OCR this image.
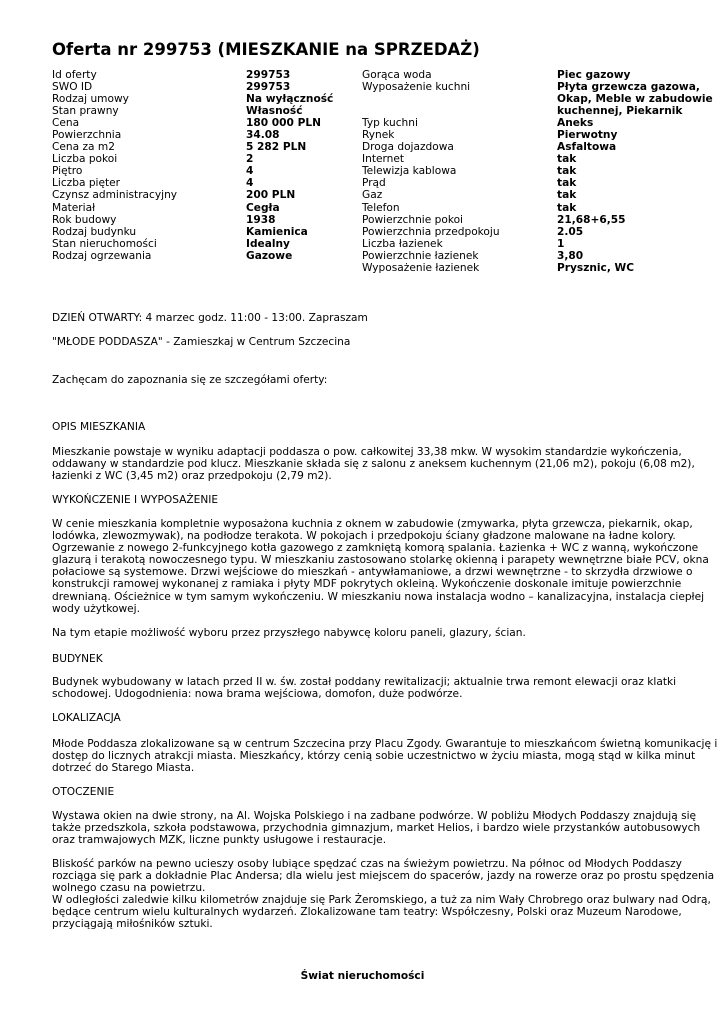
Oferta nr 299753 (MIESZKANIE na SPRZEDAŻ)
Id oferty
SWO ID
Rodzaj umowy
Stan prawny
Cena
Powierzchnia
Cena za m2
Liczba pokoi
Piętro
Liczba pięter
Czynsz administracyjny
Materiał
Rok budowy
Rodzaj budynku
Stan nieruchomości
Rodzaj ogrzewania
299753
299753
Na wyłączność
Własność
180 000 PLN
34.08
5 282 PLN
2
4
4
200 PLN
Cegła
1938
Kamienica
Idealny
Gazowe
Gorąca woda
Wyposażenie kuchni
Typ kuchni
Rynek
Droga dojazdowa
Internet
Telewizja kablowa
Prąd
Gaz
Telefon
Powierzchnie pokoi
Powierzchnia przedpokoju
Liczba łazienek
Powierzchnie łazienek
Wyposażenie łazienek
Piec gazowy
Płyta grzewcza gazowa,
Okap, Meble w zabudowie
kuchennej, Piekarnik
Aneks
Pierwotny
Asfaltowa
tak
tak
tak
tak
tak
21,68+6,55
2.05
1
3,80
Prysznic, WC

DZIEŃ OTWARTY: 4 marzec godz. 11:00 - 13:00. Zapraszam

"MŁODE PODDASZA" - Zamieszkaj w Centrum Szczecina

Zachęcam do zapoznania się ze szczegółami oferty:

OPIS MIESZKANIA

Mieszkanie powstaje w wyniku adaptacji poddasza o pow. całkowitej 33,38 mkw. W wysokim standardzie wykończenia,
oddawany w standardzie pod klucz. Mieszkanie składa się z salonu z aneksem kuchennym (21,06 m2), pokoju (6,08 m2),
łazienki z WC (3,45 m2) oraz przedpokoju (2,79 m2).

WYKOŃCZENIE I WYPOSAŻENIE

W cenie mieszkania kompletnie wyposażona kuchnia z oknem w zabudowie (zmywarka, płyta grzewcza, piekarnik, okap,
lodówka, zlewozmywak), na podłodze terakota. W pokojach i przedpokoju ściany gładzone malowane na ładne kolory.
Ogrzewanie z nowego 2-funkcyjnego kotła gazowego z zamkniętą komorą spalania. Łazienka + WC z wanną, wykończone
glazurą i terakotą nowoczesnego typu. W mieszkaniu zastosowano stolarkę okienną i parapety wewnętrzne białe PCV, okna
połaciowe są systemowe. Drzwi wejściowe do mieszkań - antywłamaniowe, a drzwi wewnętrzne - to skrzydła drzwiowe o
konstrukcji ramowej wykonanej z ramiaka i płyty MDF pokrytych okleiną. Wykończenie doskonale imituje powierzchnie
drewnianą. Ościeżnice w tym samym wykończeniu. W mieszkaniu nowa instalacja wodno – kanalizacyjna, instalacja ciepłej
wody użytkowej.

Na tym etapie możliwość wyboru przez przyszłego nabywcę koloru paneli, glazury, ścian.

BUDYNEK

Budynek wybudowany w latach przed II w. św. został poddany rewitalizacji; aktualnie trwa remont elewacji oraz klatki
schodowej. Udogodnienia: nowa brama wejściowa, domofon, duże podwórze.

LOKALIZACJA

Młode Poddasza zlokalizowane są w centrum Szczecina przy Placu Zgody. Gwarantuje to mieszkańcom świetną komunikację i
dostęp do licznych atrakcji miasta. Mieszkańcy, którzy cenią sobie uczestnictwo w życiu miasta, mogą stąd w kilka minut
dotrzeć do Starego Miasta.

OTOCZENIE

Wystawa okien na dwie strony, na Al. Wojska Polskiego i na zadbane podwórze. W pobliżu Młodych Poddaszy znajdują się
także przedszkola, szkoła podstawowa, przychodnia gimnazjum, market Helios, i bardzo wiele przystanków autobusowych
oraz tramwajowych MZK, liczne punkty usługowe i restauracje.
Bliskość parków na pewno ucieszy osoby lubiące spędzać czas na świeżym powietrzu. Na północ od Młodych Poddaszy
rozciąga się park a dokładnie Plac Andersa; dla wielu jest miejscem do spacerów, jazdy na rowerze oraz po prostu spędzenia
wolnego czasu na powietrzu.
W odległości zaledwie kilku kilometrów znajduje się Park Żeromskiego, a tuż za nim Wały Chrobrego oraz bulwary nad Odrą,
będące centrum wielu kulturalnych wydarzeń. Zlokalizowane tam teatry: Współczesny, Polski oraz Muzeum Narodowe,
przyciągają miłośników sztuki.
Świat nieruchomości
